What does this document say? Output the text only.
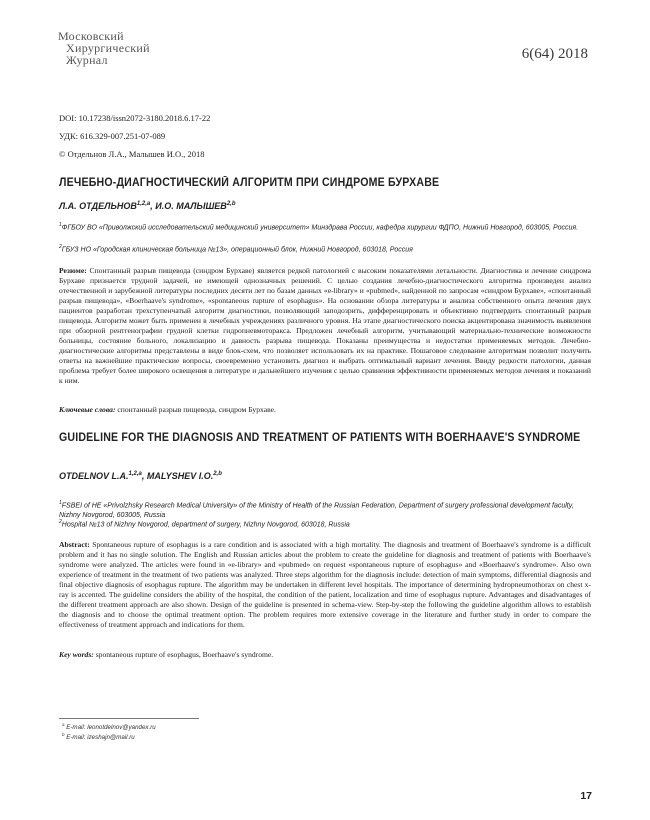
Московский
Хирургический
Журнал	6(64) 2018
DOI: 10.17238/issn2072-3180.2018.6.17-22
УДК: 616.329-007.251-07-089
© Отдельнов Л.А., Малышев И.О., 2018
ЛЕЧЕБНО-ДИАГНОСТИЧЕСКИЙ АЛГОРИТМ ПРИ СИНДРОМЕ БУРХАВЕ
Л.А. ОТДЕЛЬНОВ$^{1,2,a}$, И.О. МАЛЫШЕВ$^{2,b}$
$^1$ФГБОУ ВО «Приволжский исследовательский медицинский университет» Минздрава России, кафедра хирургии ФДПО, Нижний Новгород, 603005, Россия.
$^2$ГБУЗ НО «Городская клиническая больница №13», операционный блок, Нижний Новгород, 603018, Россия
Резюме: Спонтанный разрыв пищевода (синдром Бурхаве) является редкой патологией с высоким показателями летальности. Диагностика и лечение синдрома Бурхаве признается трудной задачей, не имеющей однозначных решений. С целью создания лечебно-диагностического алгоритма произведен анализ отечественной и зарубежной литературы последних десяти лет по базам данных «e-library» и «pubmed», найденной по запросам «синдром Бурхаве», «спонтанный разрыв пищевода», «Boerhaave's syndrome», «spontaneous rupture of esophagus». На основании обзора литературы и анализа собственного опыта лечения двух пациентов разработан трехступенчатый алгоритм диагностики, позволяющий заподозрить, дифференцировать и объективно подтвердить спонтанный разрыв пищевода. Алгоритм может быть применен в лечебных учреждениях различного уровня. На этапе диагностического поиска акцентирована значимость выявления при обзорной рентгенографии грудной клетки гидропневмоторакса. Предложен лечебный алгоритм, учитывающий материально-технические возможности больницы, состояние больного, локализацию и давность разрыва пищевода. Показаны преимущества и недостатки применяемых методов. Лечебно-диагностические алгоритмы представлены в виде блок-схем, что позволяет использовать их на практике. Пошаговое следование алгоритмам позволит получить ответы на важнейшие практические вопросы, своевременно установить диагноз и выбрать оптимальный вариант лечения. Ввиду редкости патологии, данная проблема требует более широкого освещения в литературе и дальнейшего изучения с целью сравнения эффективности применяемых методов лечения и показаний к ним.
Ключевые слова: спонтанный разрыв пищевода, синдром Бурхаве.
GUIDELINE FOR THE DIAGNOSIS AND TREATMENT OF PATIENTS WITH BOERHAAVE'S SYNDROME
OTDELNOV L.A.$^{1,2,a}$, MALYSHEV I.O.$^{2,b}$
$^1$FSBEI of HE «Privolzhsky Research Medical University» of the Ministry of Health of the Russian Federation, Department of surgery professional development faculty, Nizhny Novgorod, 603005, Russia
$^2$Hospital №13 of Nizhny Novgorod, department of surgery, Nizhny Novgorod, 603018, Russia
Abstract: Spontaneous rupture of esophagus is a rare condition and is associated with a high mortality. The diagnosis and treatment of Boerhaave's syndrome is a difficult problem and it has no single solution. The English and Russian articles about the problem to create the guideline for diagnosis and treatment of patients with Boerhaave's syndrome were analyzed. The articles were found in «e-library» and «pubmed» on request «spontaneous rupture of esophagus» and «Boerhaave's syndrome». Also own experience of treatment in the treatment of two patients was analyzed. Three steps algorithm for the diagnosis include: detection of main symptoms, differential diagnosis and final objective diagnosis of esophagus rupture. The algorithm may be undertaken in different level hospitals. The importance of determining hydropneumothorax on chest x-ray is accented. The guideline considers the ability of the hospital, the condition of the patient, localization and time of esophagus rupture. Advantages and disadvantages of the different treatment approach are also shown. Design of the guideline is presented in schema-view. Step-by-step the following the guideline algorithm allows to establish the diagnosis and to choose the optimal treatment option. The problem requires more extensive coverage in the literature and further study in order to compare the effectiveness of treatment approach and indications for them.
Key words: spontaneous rupture of esophagus, Boerhaave's syndrome.
$^a$ E-mail: leonotdelnov@yandex.ru
$^b$ E-mail: izeshajn@mail.ru
17
